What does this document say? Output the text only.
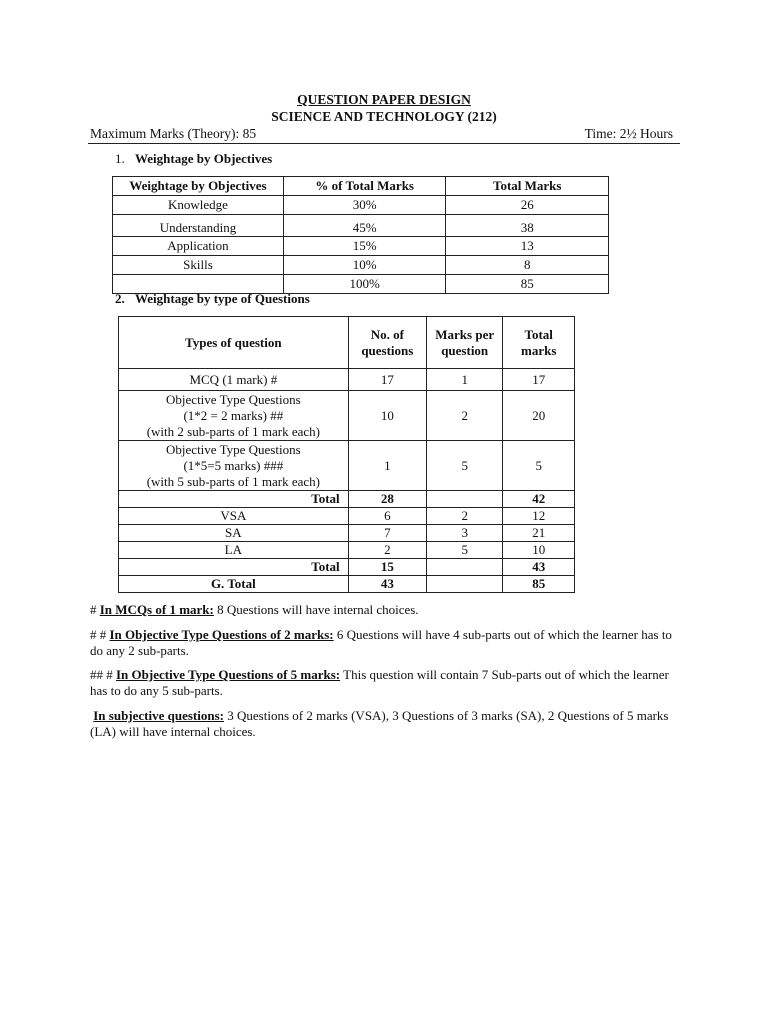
QUESTION PAPER DESIGN
SCIENCE AND TECHNOLOGY (212)
Maximum Marks (Theory): 85	Time: 2½ Hours
1. Weightage by Objectives
Weightage by Objectives	% of Total Marks	Total Marks
Knowledge	30%	26
Understanding	45%	38
Application	15%	13
Skills	10%	8
	100%	85
2. Weightage by type of Questions
Types of question	No. of questions	Marks per question	Total marks
MCQ (1 mark) #	17	1	17

Objective Type Questions
(1*2 = 2 marks) ##
(with 2 sub-parts of 1 mark each)	10	2	20

Objective Type Questions
(1*5=5 marks) ###
(with 5 sub-parts of 1 mark each)	1	5	5
Total	28		42
VSA	6	2	12
SA	7	3	21
LA	2	5	10
Total	15		43
G. Total	43		85
# In MCQs of 1 mark: 8 Questions will have internal choices.
# # In Objective Type Questions of 2 marks: 6 Questions will have 4 sub-parts out of which the learner has to do any 2 sub-parts.
## # In Objective Type Questions of 5 marks: This question will contain 7 Sub-parts out of which the learner has to do any 5 sub-parts.
In subjective questions: 3 Questions of 2 marks (VSA), 3 Questions of 3 marks (SA), 2 Questions of 5 marks (LA) will have internal choices.
